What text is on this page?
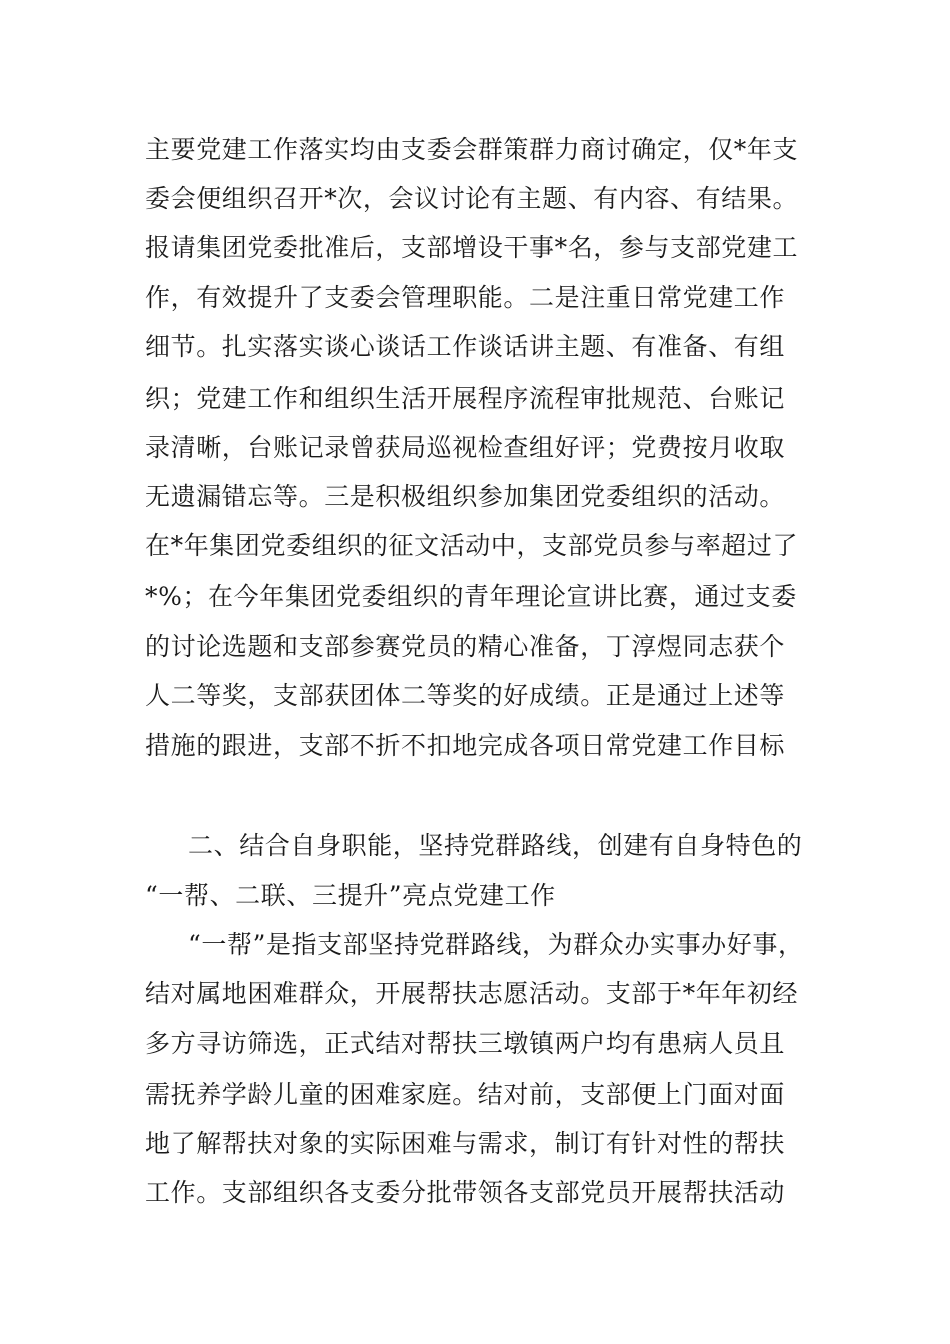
主要党建工作落实均由支委会群策群力商讨确定，仅*年支
委会便组织召开*次，会议讨论有主题、有内容、有结果。
报请集团党委批准后，支部增设干事*名，参与支部党建工
作，有效提升了支委会管理职能。二是注重日常党建工作
细节。扎实落实谈心谈话工作谈话讲主题、有准备、有组
织；党建工作和组织生活开展程序流程审批规范、台账记
录清晰，台账记录曾获局巡视检查组好评；党费按月收取
无遗漏错忘等。三是积极组织参加集团党委组织的活动。
在*年集团党委组织的征文活动中，支部党员参与率超过了
*%；在今年集团党委组织的青年理论宣讲比赛，通过支委
的讨论选题和支部参赛党员的精心准备，丁淳煜同志获个
人二等奖，支部获团体二等奖的好成绩。正是通过上述等
措施的跟进，支部不折不扣地完成各项日常党建工作目标
二、结合自身职能，坚持党群路线，创建有自身特色的
“一帮、二联、三提升”亮点党建工作
“一帮”是指支部坚持党群路线，为群众办实事办好事，
结对属地困难群众，开展帮扶志愿活动。支部于*年年初经
多方寻访筛选，正式结对帮扶三墩镇两户均有患病人员且
需抚养学龄儿童的困难家庭。结对前，支部便上门面对面
地了解帮扶对象的实际困难与需求，制订有针对性的帮扶
工作。支部组织各支委分批带领各支部党员开展帮扶活动
